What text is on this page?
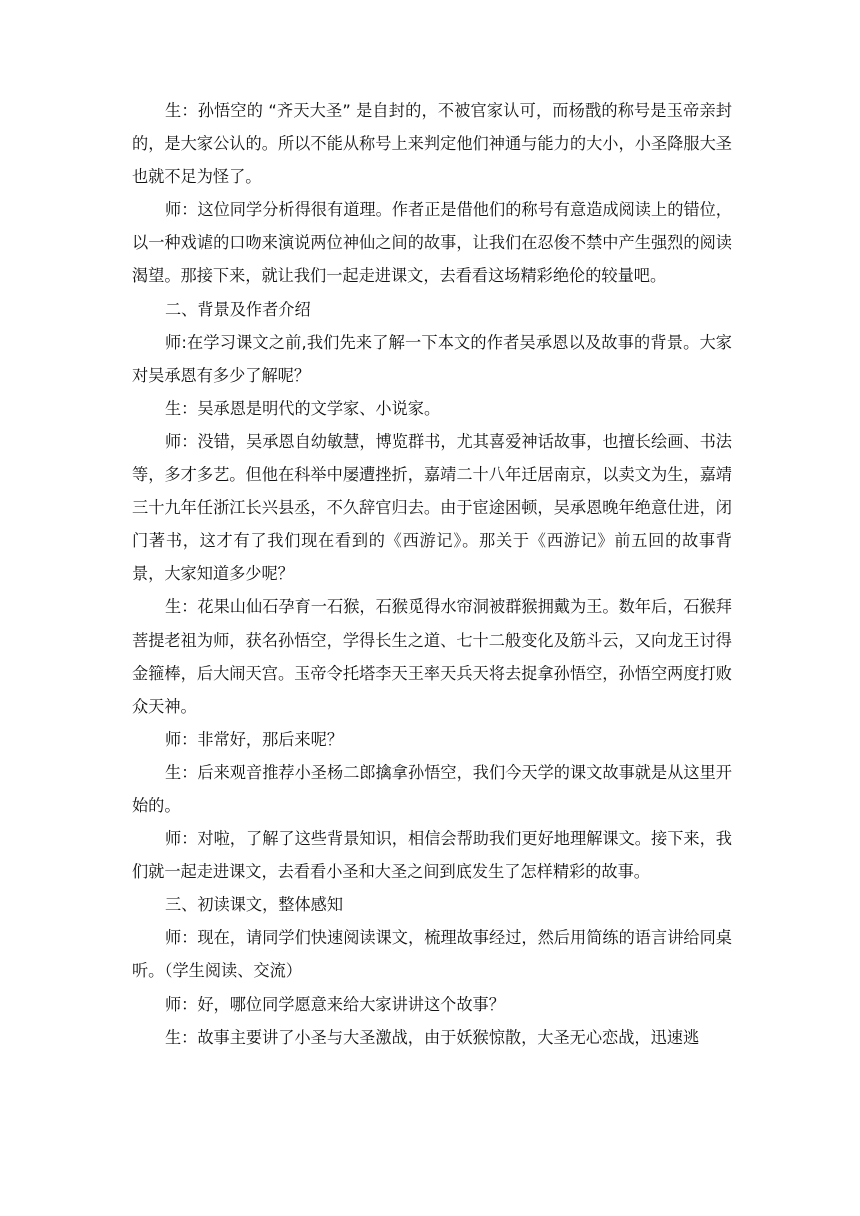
生：孙悟空的 “齐天大圣” 是自封的，不被官家认可，而杨戬的称号是玉帝亲封的，是大家公认的。所以不能从称号上来判定他们神通与能力的大小，小圣降服大圣也就不足为怪了。

师：这位同学分析得很有道理。作者正是借他们的称号有意造成阅读上的错位，以一种戏谑的口吻来演说两位神仙之间的故事，让我们在忍俊不禁中产生强烈的阅读渴望。那接下来，就让我们一起走进课文，去看看这场精彩绝伦的较量吧。

二、背景及作者介绍

师:在学习课文之前,我们先来了解一下本文的作者吴承恩以及故事的背景。大家对吴承恩有多少了解呢？

生：吴承恩是明代的文学家、小说家。

师：没错，吴承恩自幼敏慧，博览群书，尤其喜爱神话故事，也擅长绘画、书法等，多才多艺。但他在科举中屡遭挫折，嘉靖二十八年迁居南京，以卖文为生，嘉靖三十九年任浙江长兴县丞，不久辞官归去。由于宦途困顿，吴承恩晚年绝意仕进，闭门著书，这才有了我们现在看到的《西游记》。那关于《西游记》前五回的故事背景，大家知道多少呢？

生：花果山仙石孕育一石猴，石猴觅得水帘洞被群猴拥戴为王。数年后，石猴拜菩提老祖为师，获名孙悟空，学得长生之道、七十二般变化及筋斗云，又向龙王讨得金箍棒，后大闹天宫。玉帝令托塔李天王率天兵天将去捉拿孙悟空，孙悟空两度打败众天神。

师：非常好，那后来呢？

生：后来观音推荐小圣杨二郎擒拿孙悟空，我们今天学的课文故事就是从这里开始的。

师：对啦，了解了这些背景知识，相信会帮助我们更好地理解课文。接下来，我们就一起走进课文，去看看小圣和大圣之间到底发生了怎样精彩的故事。

三、初读课文，整体感知

师：现在，请同学们快速阅读课文，梳理故事经过，然后用简练的语言讲给同桌听。（学生阅读、交流）

师：好，哪位同学愿意来给大家讲讲这个故事？

生：故事主要讲了小圣与大圣激战，由于妖猴惊散，大圣无心恋战，迅速逃
